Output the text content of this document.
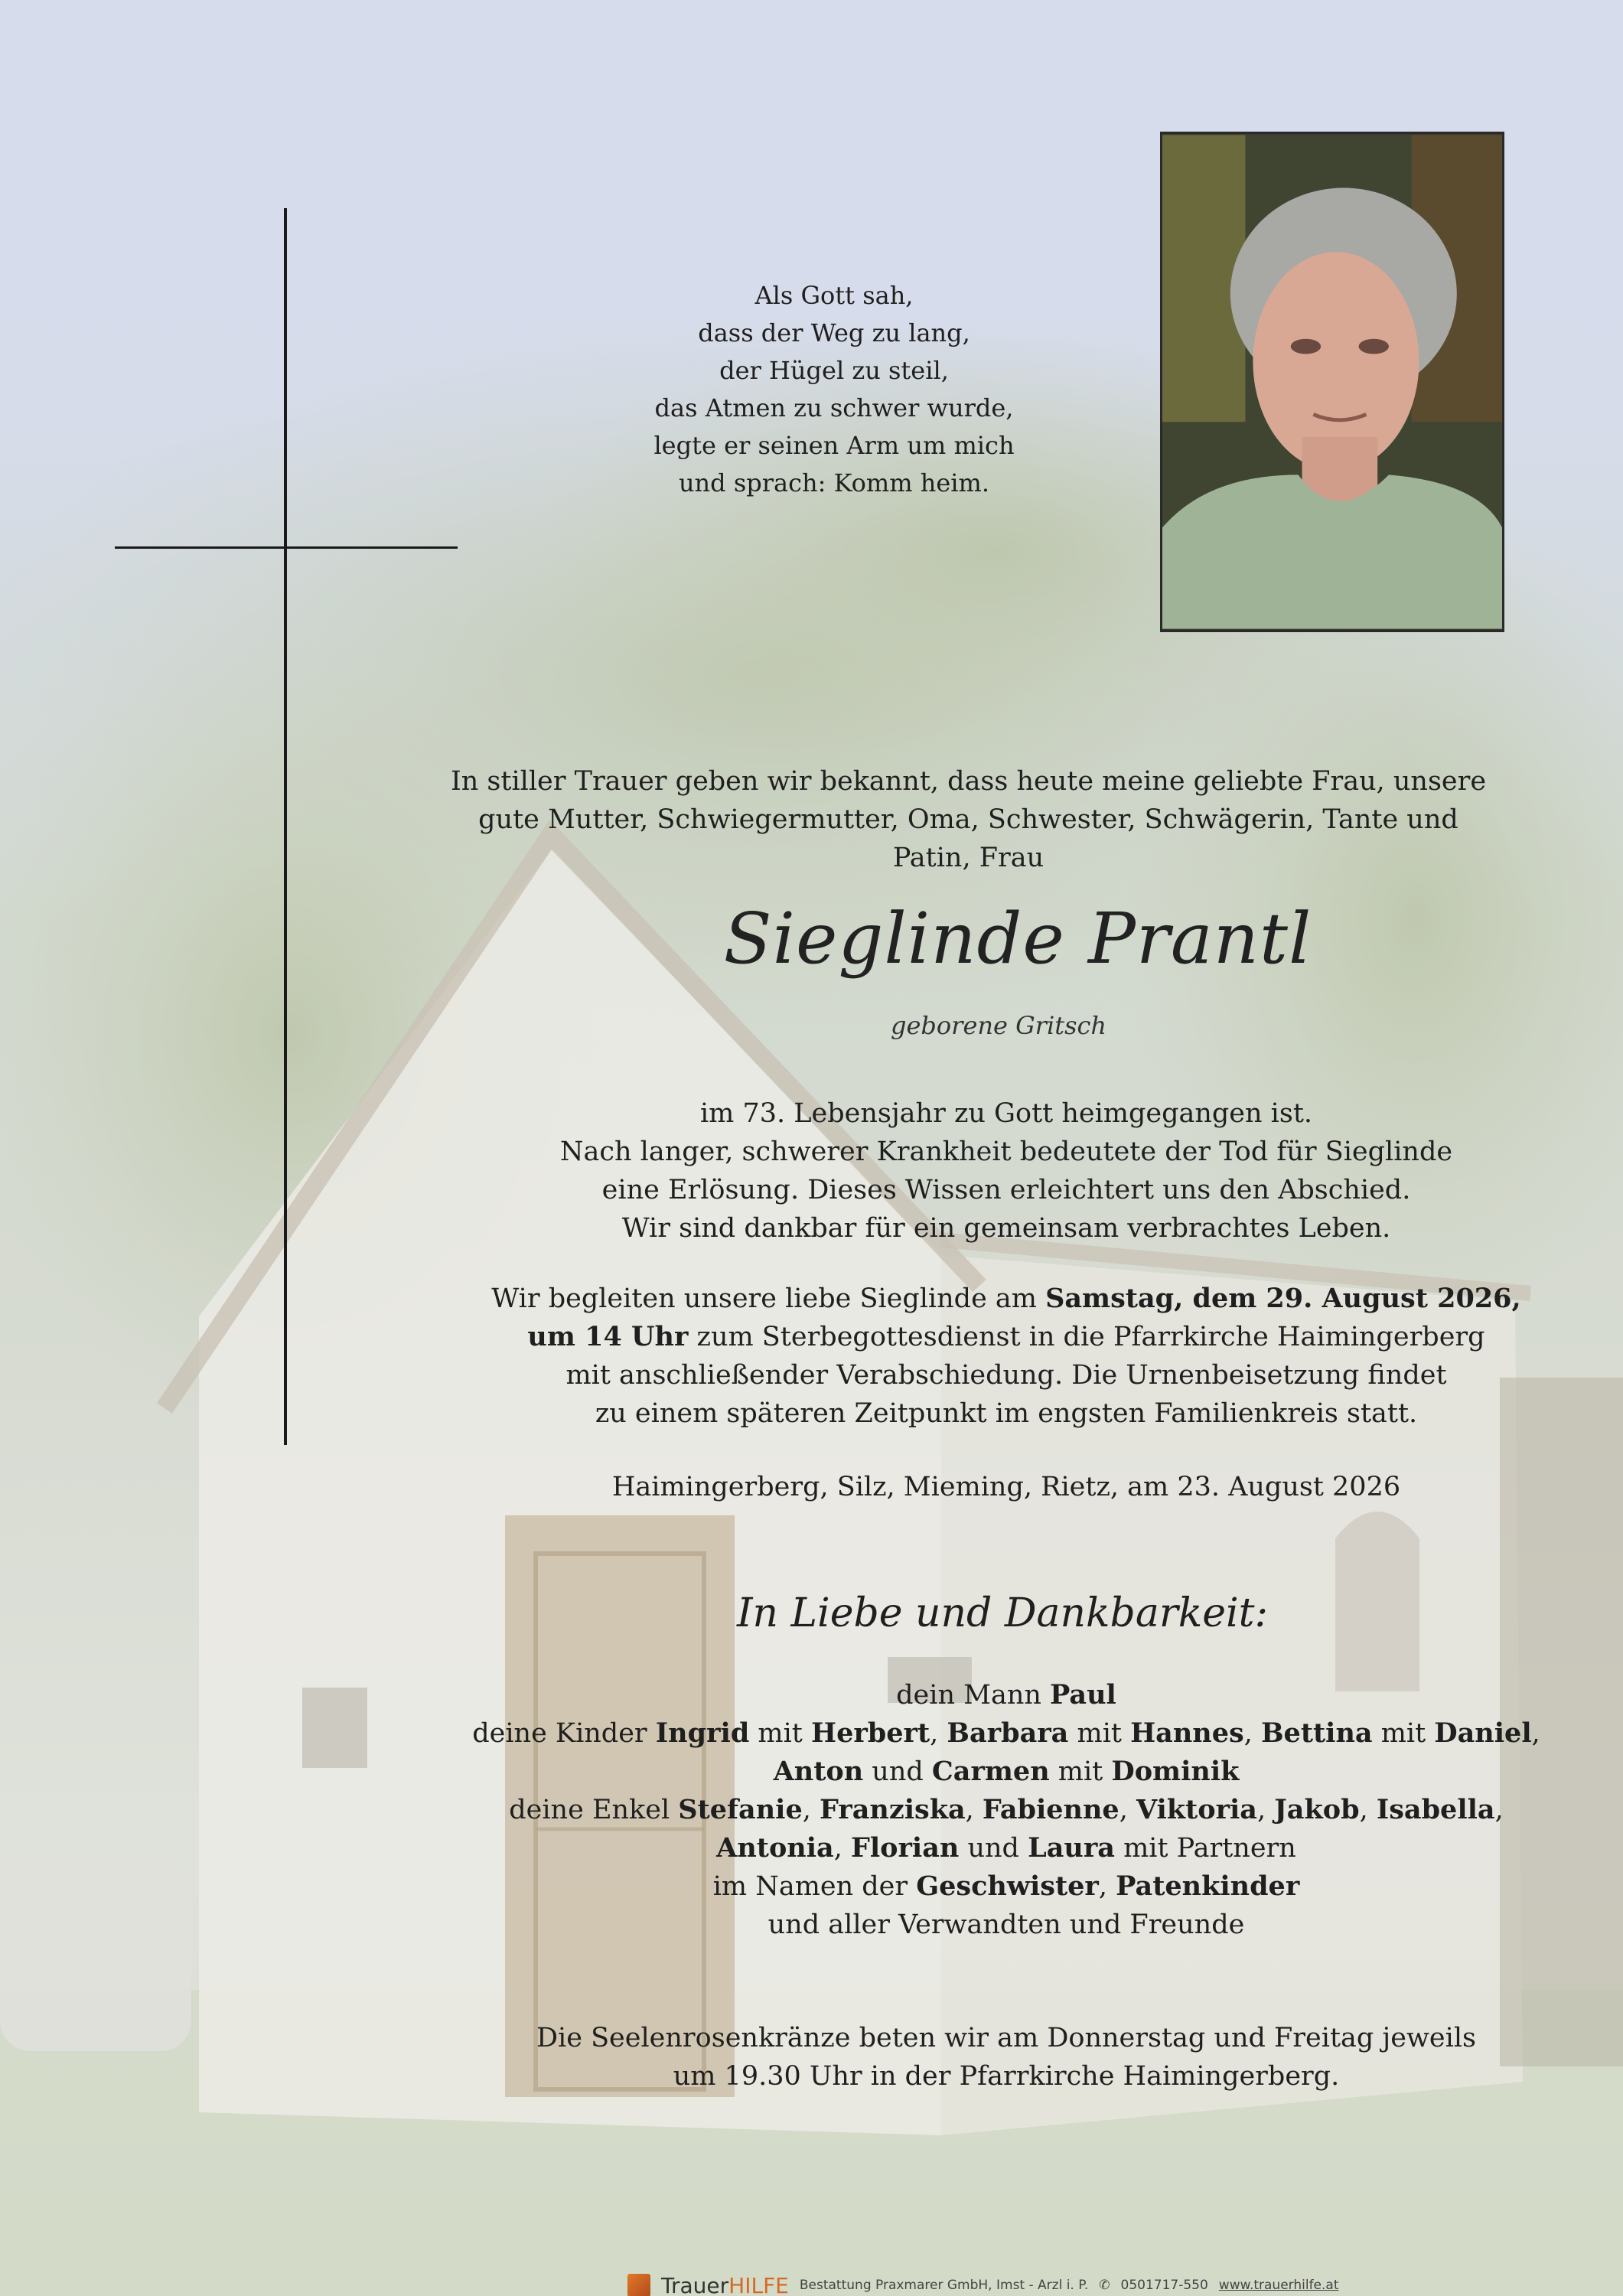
Als Gott sah,
dass der Weg zu lang,
der Hügel zu steil,
das Atmen zu schwer wurde,
legte er seinen Arm um mich
und sprach: Komm heim.
In stiller Trauer geben wir bekannt, dass heute meine geliebte Frau, unsere
gute Mutter, Schwiegermutter, Oma, Schwester, Schwägerin, Tante und
Patin, Frau
Sieglinde Prantl
geborene Gritsch
im 73. Lebensjahr zu Gott heimgegangen ist.
Nach langer, schwerer Krankheit bedeutete der Tod für Sieglinde
eine Erlösung. Dieses Wissen erleichtert uns den Abschied.
Wir sind dankbar für ein gemeinsam verbrachtes Leben.
Wir begleiten unsere liebe Sieglinde am Samstag, dem 29. August 2026,
um 14 Uhr zum Sterbegottesdienst in die Pfarrkirche Haimingerberg
mit anschließender Verabschiedung. Die Urnenbeisetzung findet
zu einem späteren Zeitpunkt im engsten Familienkreis statt.
Haimingerberg, Silz, Mieming, Rietz, am 23. August 2026
In Liebe und Dankbarkeit:
dein Mann Paul
deine Kinder Ingrid mit Herbert, Barbara mit Hannes, Bettina mit Daniel,
Anton und Carmen mit Dominik
deine Enkel Stefanie, Franziska, Fabienne, Viktoria, Jakob, Isabella,
Antonia, Florian und Laura mit Partnern
im Namen der Geschwister, Patenkinder
und aller Verwandten und Freunde
Die Seelenrosenkränze beten wir am Donnerstag und Freitag jeweils
um 19.30 Uhr in der Pfarrkirche Haimingerberg.
TrauerHILFE Bestattung Praxmarer GmbH, Imst - Arzl i. P. ✆ 0501717-550 www.trauerhilfe.at
